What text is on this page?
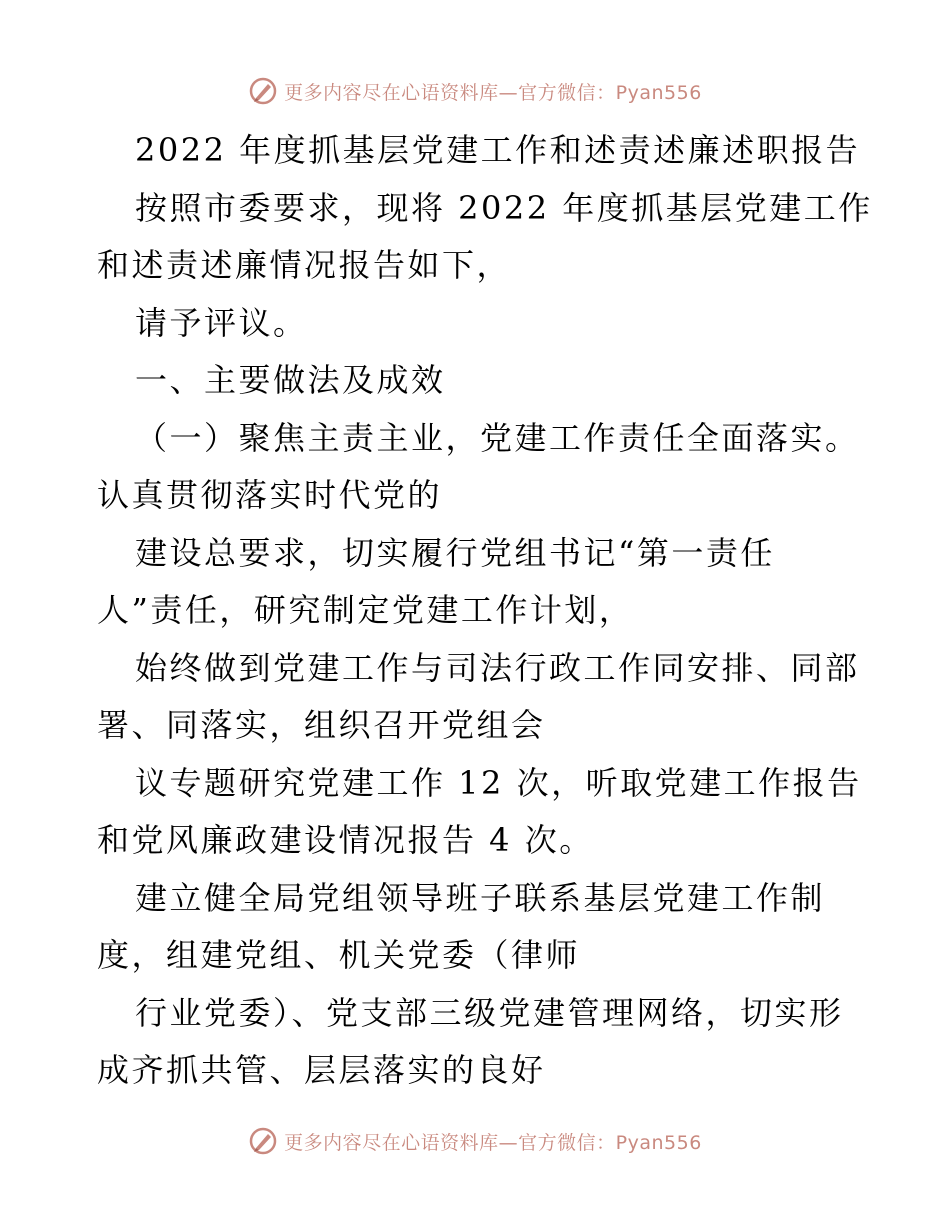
更多内容尽在心语资料库—官方微信：Pyan556
2022 年度抓基层党建工作和述责述廉述职报告
按照市委要求，现将 2022 年度抓基层党建工作
和述责述廉情况报告如下，
请予评议。
一、主要做法及成效
（一）聚焦主责主业，党建工作责任全面落实。
认真贯彻落实时代党的
建设总要求，切实履行党组书记“第一责任
人”责任，研究制定党建工作计划，
始终做到党建工作与司法行政工作同安排、同部
署、同落实，组织召开党组会
议专题研究党建工作 12 次，听取党建工作报告
和党风廉政建设情况报告 4 次。
建立健全局党组领导班子联系基层党建工作制
度，组建党组、机关党委（律师
行业党委）、党支部三级党建管理网络，切实形
成齐抓共管、层层落实的良好
更多内容尽在心语资料库—官方微信：Pyan556
